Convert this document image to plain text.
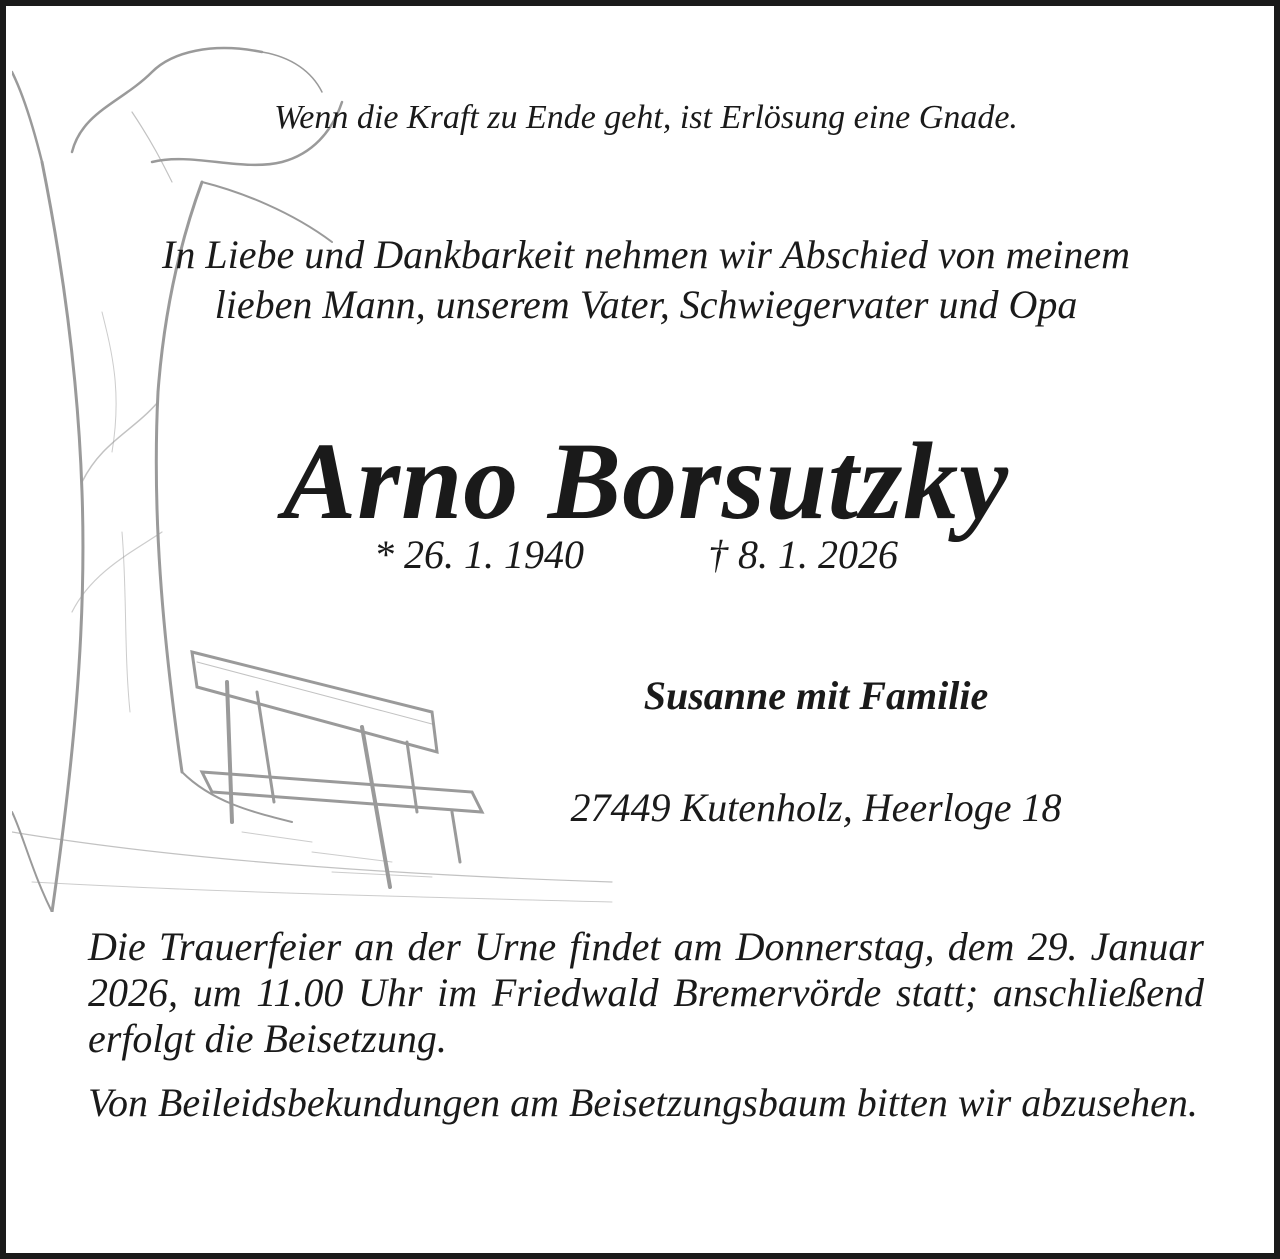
Wenn die Kraft zu Ende geht, ist Erlösung eine Gnade.

In Liebe und Dankbarkeit nehmen wir Abschied von meinem
lieben Mann, unserem Vater, Schwiegervater und Opa

Arno Borsutzky
* 26. 1. 1940	† 8. 1. 2026

Susanne mit Familie

27449 Kutenholz, Heerloge 18

Die Trauerfeier an der Urne findet am Donnerstag, dem 29. Januar 2026, um 11.00 Uhr im Friedwald Bremervörde statt; anschließend erfolgt die Beisetzung.

Von Beileidsbekundungen am Beisetzungsbaum bitten wir abzusehen.
